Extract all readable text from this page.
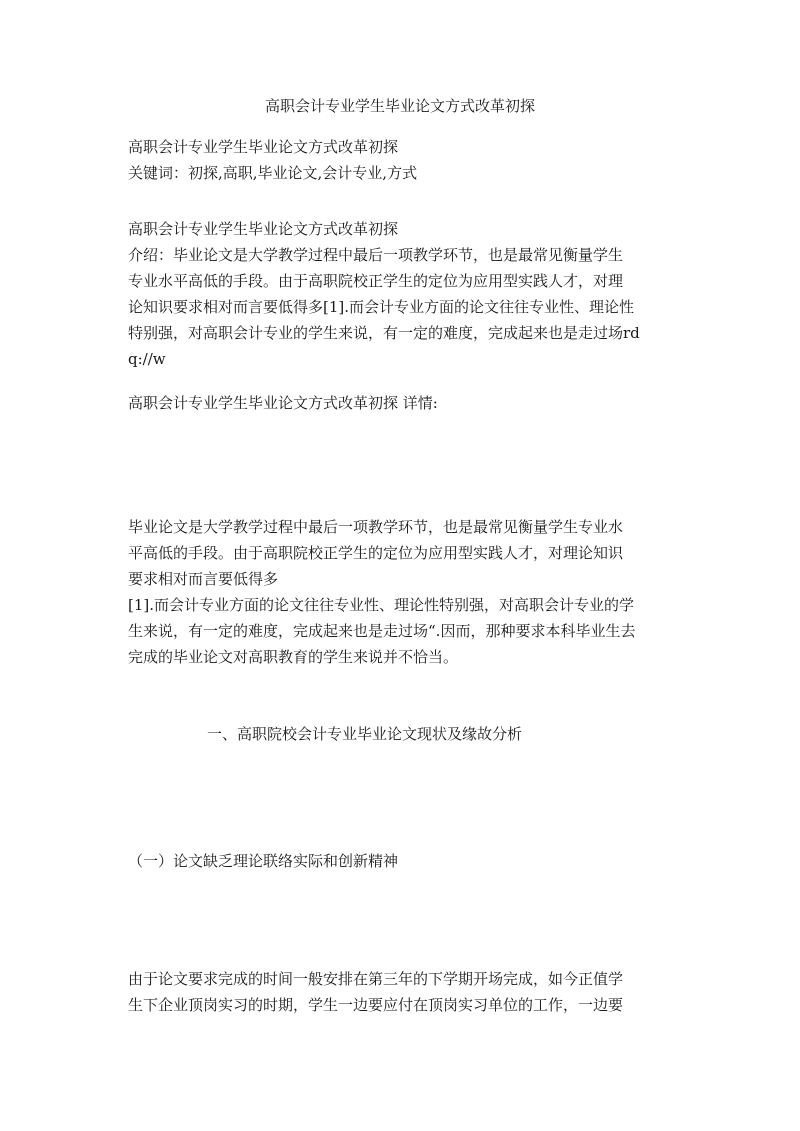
高职会计专业学生毕业论文方式改革初探

高职会计专业学生毕业论文方式改革初探

关键词：初探,高职,毕业论文,会计专业,方式

高职会计专业学生毕业论文方式改革初探

介绍：毕业论文是大学教学过程中最后一项教学环节，也是最常见衡量学生

专业水平高低的手段。由于高职院校正学生的定位为应用型实践人才，对理

论知识要求相对而言要低得多[1].而会计专业方面的论文往往专业性、理论性

特别强，对高职会计专业的学生来说，有一定的难度，完成起来也是走过场rd

q://w

高职会计专业学生毕业论文方式改革初探 详情:

毕业论文是大学教学过程中最后一项教学环节，也是最常见衡量学生专业水

平高低的手段。由于高职院校正学生的定位为应用型实践人才，对理论知识

要求相对而言要低得多

[1].而会计专业方面的论文往往专业性、理论性特别强，对高职会计专业的学

生来说，有一定的难度，完成起来也是走过场“.因而，那种要求本科毕业生去

完成的毕业论文对高职教育的学生来说并不恰当。

一、高职院校会计专业毕业论文现状及缘故分析
（一）论文缺乏理论联络实际和创新精神

由于论文要求完成的时间一般安排在第三年的下学期开场完成，如今正值学

生下企业顶岗实习的时期，学生一边要应付在顶岗实习单位的工作，一边要
